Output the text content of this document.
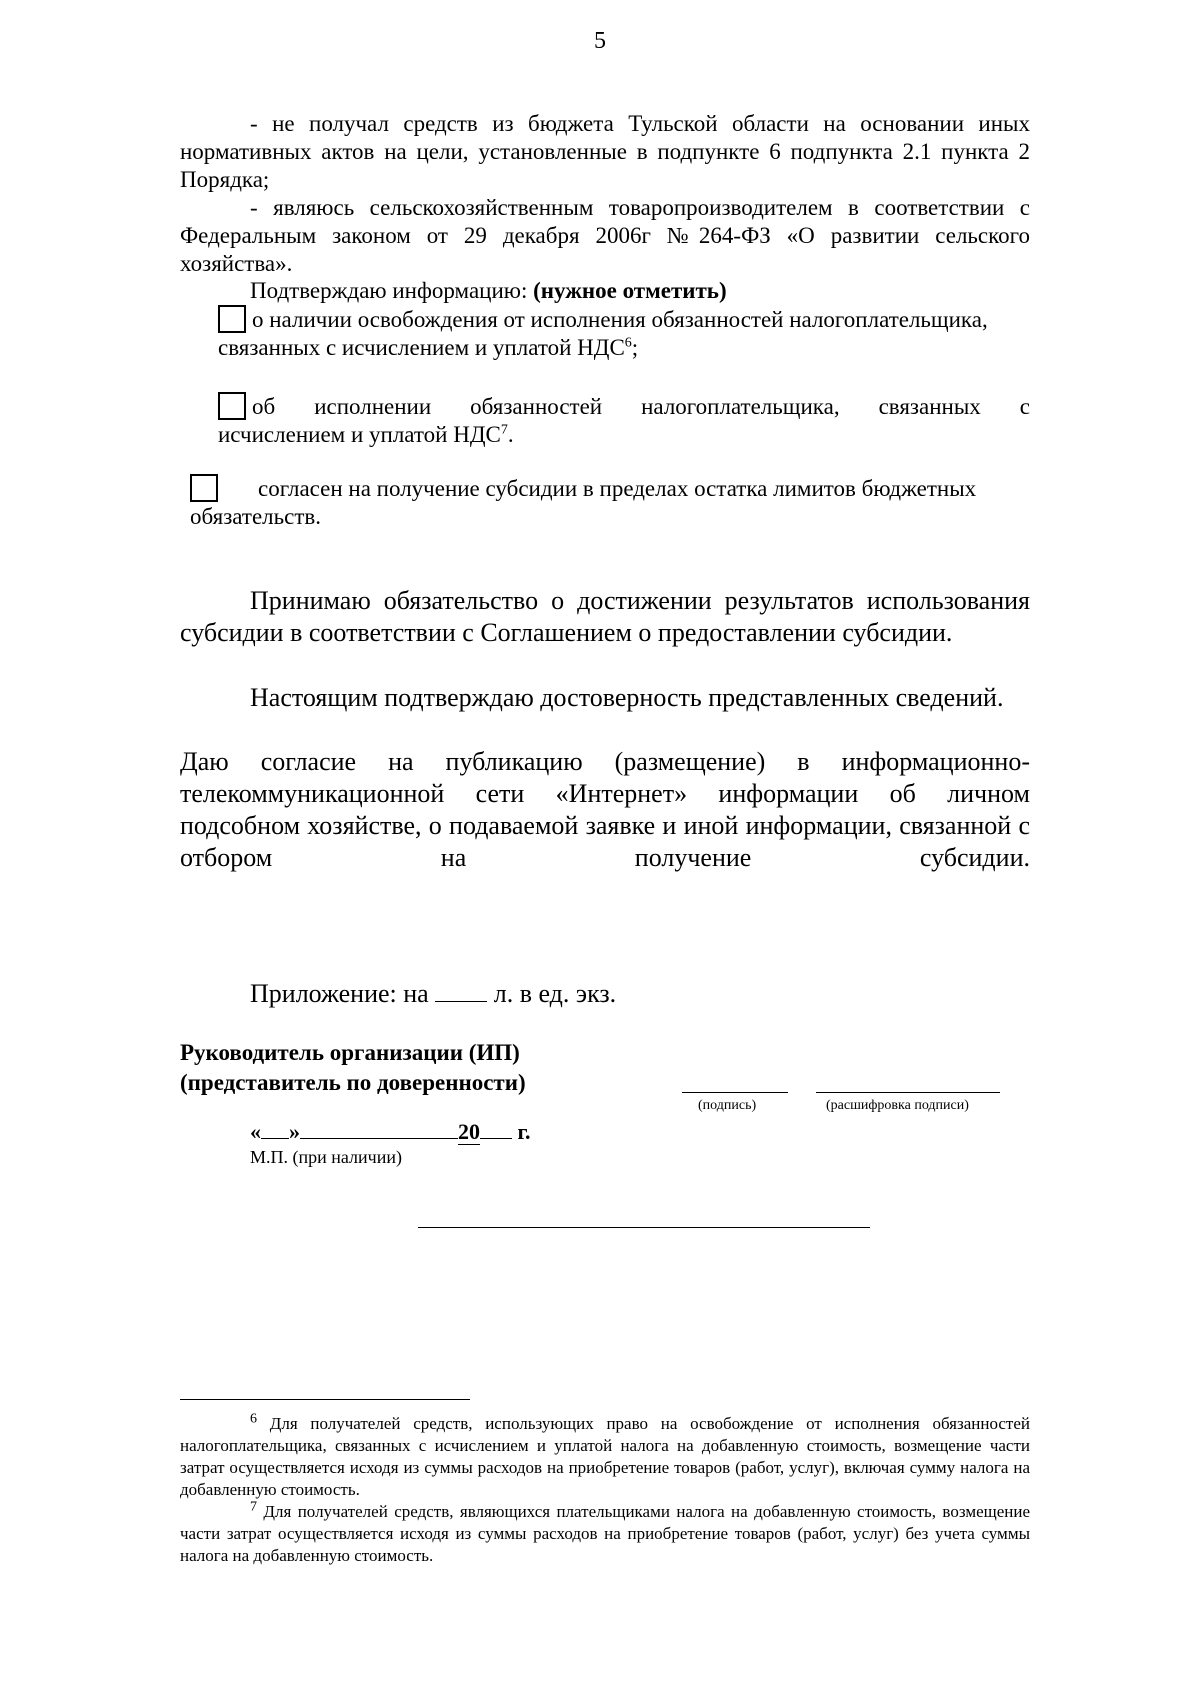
5
- не получал средств из бюджета Тульской области на основании иных нормативных актов на цели, установленные в подпункте 6 подпункта 2.1 пункта 2 Порядка;
- являюсь сельскохозяйственным товаропроизводителем в соответствии с Федеральным законом от 29 декабря 2006г №264-ФЗ «О развитии сельского хозяйства».
Подтверждаю информацию: (нужное отметить)
о наличии освобождения от исполнения обязанностей налогоплательщика,
связанных с исчислением и уплатой НДС$^6$;
об исполнении обязанностей налогоплательщика, связанных с
исчислением и уплатой НДС$^7$.
согласен на получение субсидии в пределах остатка лимитов бюджетных
обязательств.
Принимаю обязательство о достижении результатов использования субсидии в соответствии с Соглашением о предоставлении субсидии.
Настоящим подтверждаю достоверность представленных сведений.
Даю согласие на публикацию (размещение) в информационно-телекоммуникационной сети «Интернет» информации об личном подсобном хозяйстве, о подаваемой заявке и иной информации, связанной с отбором на получение субсидии.
Приложение: на	л. в ед. экз.
Руководитель организации (ИП)
(представитель по доверенности)
(подпись)	(расшифровка подписи)
« »	20 г.
М.П. (при наличии)

$^6$ Для получателей средств, использующих право на освобождение от исполнения обязанностей налогоплательщика, связанных с исчислением и уплатой налога на добавленную стоимость, возмещение части затрат осуществляется исходя из суммы расходов на приобретение товаров (работ, услуг), включая сумму налога на добавленную стоимость.

$^7$ Для получателей средств, являющихся плательщиками налога на добавленную стоимость, возмещение части затрат осуществляется исходя из суммы расходов на приобретение товаров (работ, услуг) без учета суммы налога на добавленную стоимость.
